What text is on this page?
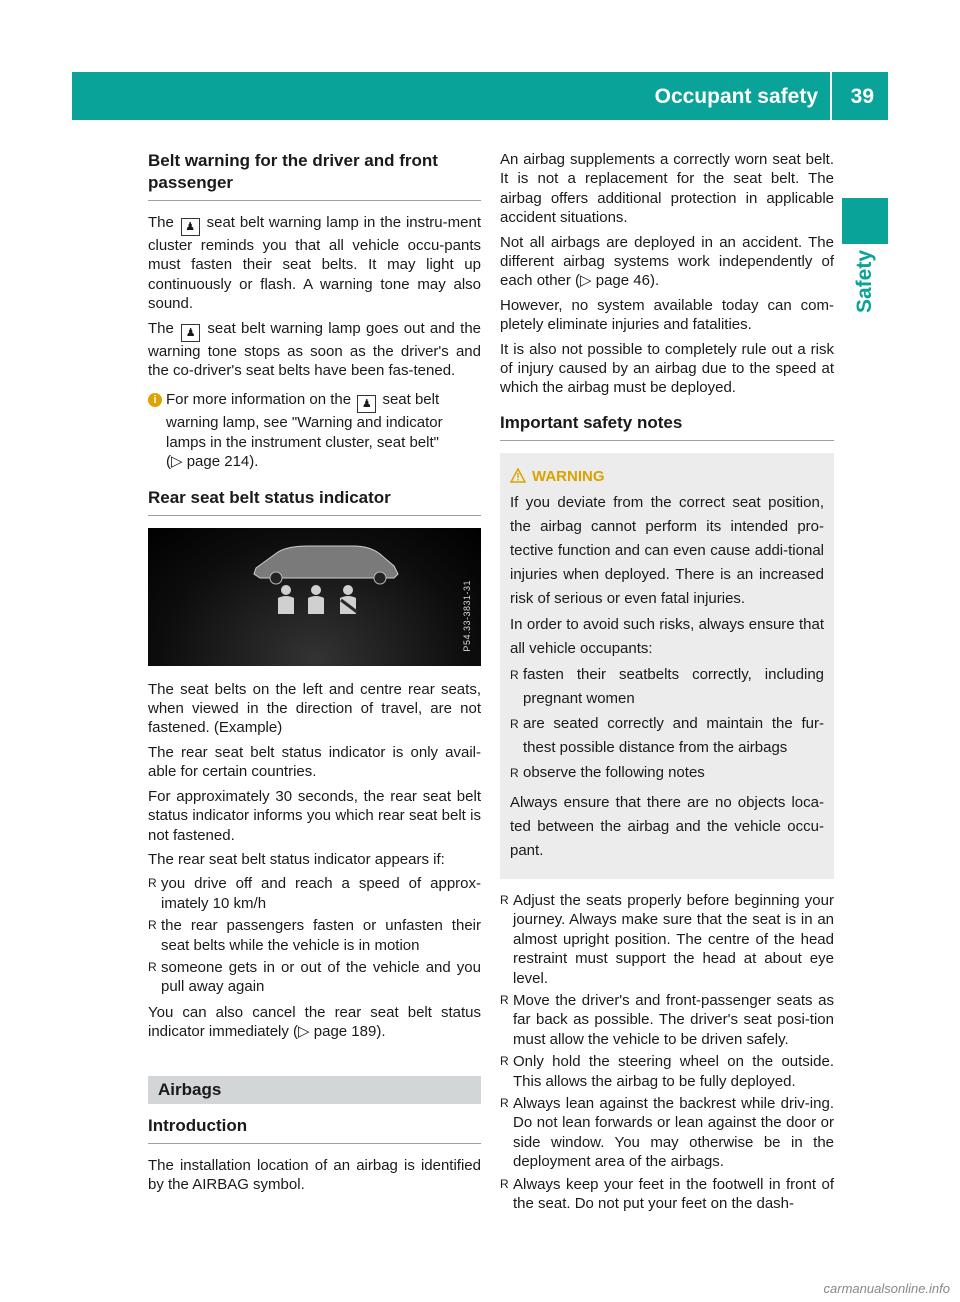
Occupant safety 39
Safety
Belt warning for the driver and front passenger

The ♟ seat belt warning lamp in the instru-ment cluster reminds you that all vehicle occu-pants must fasten their seat belts. It may light up continuously or flash. A warning tone may also sound.

The ♟ seat belt warning lamp goes out and the warning tone stops as soon as the driver's and the co-driver's seat belts have been fas-tened.

i For more information on the ♟ seat belt warning lamp, see "Warning and indicator lamps in the instrument cluster, seat belt"
(▷ page 214).
Rear seat belt status indicator
P54.33-3831-31

The seat belts on the left and centre rear seats, when viewed in the direction of travel, are not fastened. (Example)

The rear seat belt status indicator is only avail-able for certain countries.

For approximately 30 seconds, the rear seat belt status indicator informs you which rear seat belt is not fastened.

The rear seat belt status indicator appears if:

R you drive off and reach a speed of approx-imately 10 km/h
R the rear passengers fasten or unfasten their seat belts while the vehicle is in motion
R someone gets in or out of the vehicle and you pull away again

You can also cancel the rear seat belt status indicator immediately (▷ page 189).

Airbags
Introduction

The installation location of an airbag is identified by the AIRBAG symbol.

An airbag supplements a correctly worn seat belt. It is not a replacement for the seat belt. The airbag offers additional protection in applicable accident situations.

Not all airbags are deployed in an accident. The different airbag systems work independently of each other (▷ page 46).

However, no system available today can com-pletely eliminate injuries and fatalities.

It is also not possible to completely rule out a risk of injury caused by an airbag due to the speed at which the airbag must be deployed.

Important safety notes
WARNING

If you deviate from the correct seat position, the airbag cannot perform its intended pro-tective function and can even cause addi-tional injuries when deployed. There is an increased risk of serious or even fatal injuries.

In order to avoid such risks, always ensure that all vehicle occupants:

R fasten their seatbelts correctly, including pregnant women
R are seated correctly and maintain the fur-thest possible distance from the airbags
R observe the following notes

Always ensure that there are no objects loca-ted between the airbag and the vehicle occu-pant.

R Adjust the seats properly before beginning your journey. Always make sure that the seat is in an almost upright position. The centre of the head restraint must support the head at about eye level.
R Move the driver's and front-passenger seats as far back as possible. The driver's seat posi-tion must allow the vehicle to be driven safely.
R Only hold the steering wheel on the outside. This allows the airbag to be fully deployed.
R Always lean against the backrest while driv-ing. Do not lean forwards or lean against the door or side window. You may otherwise be in the deployment area of the airbags.
R Always keep your feet in the footwell in front of the seat. Do not put your feet on the dash-
carmanualsonline.info
